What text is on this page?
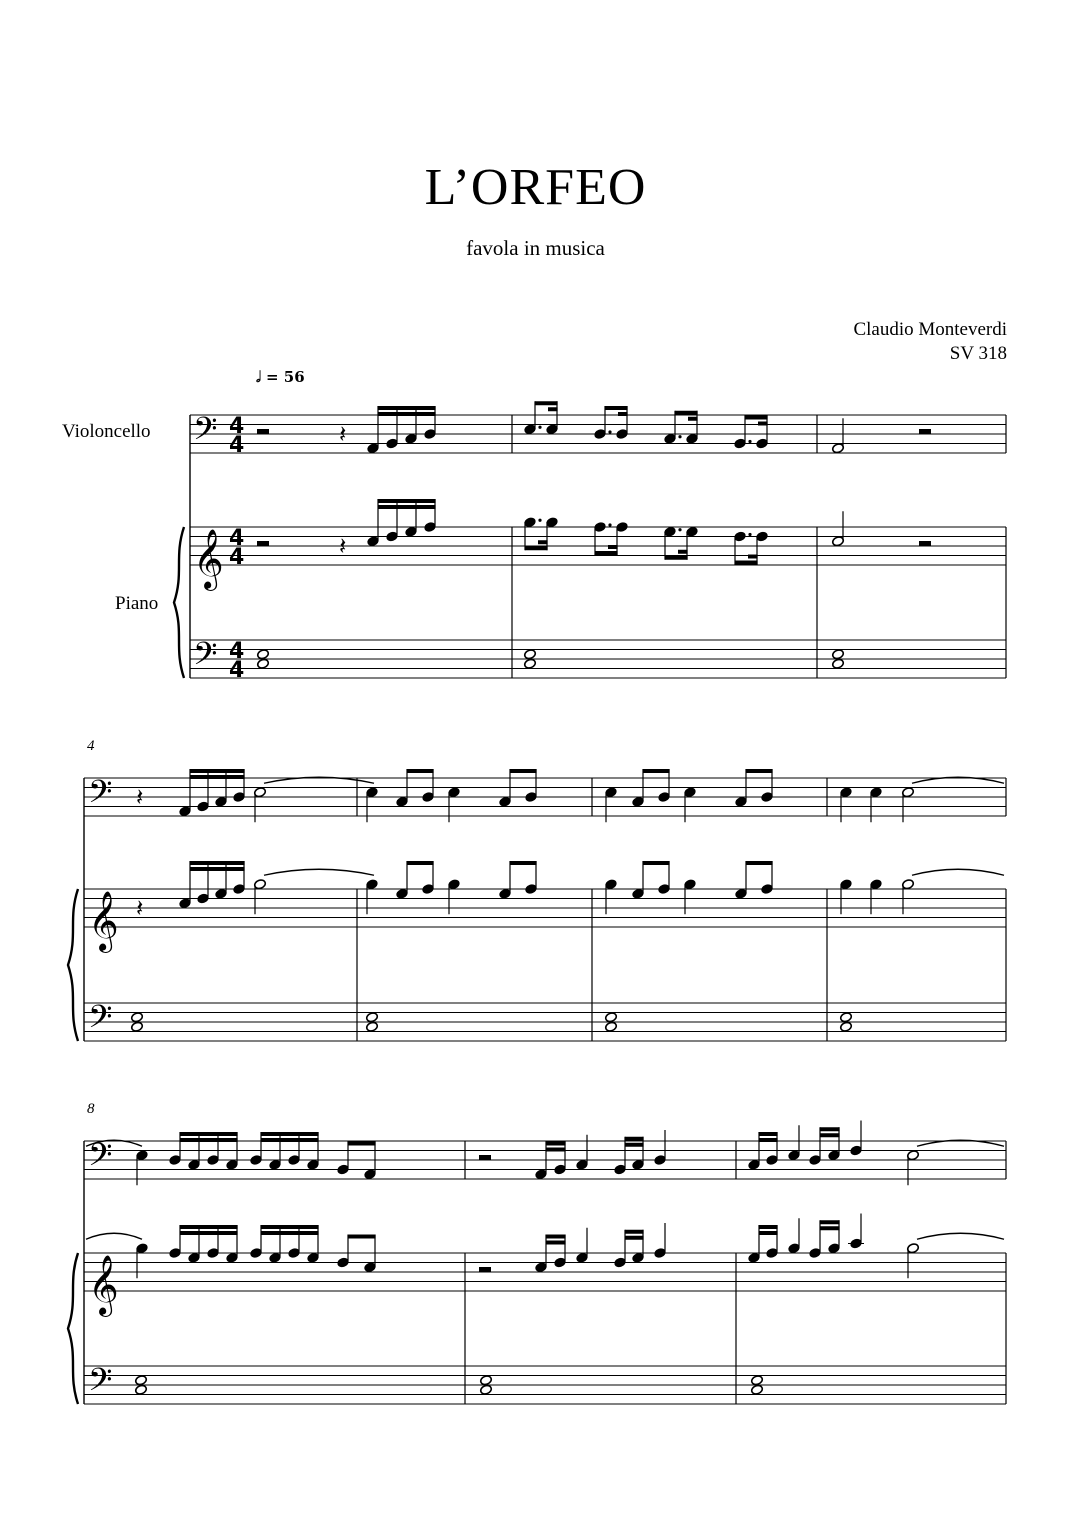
L’ORFEO
favola in musica
Claudio Monteverdi
SV 318
𝅗𝅥 = 56
Violoncello
Piano
4
8
𝄢 4
4
𝄞 4
4
𝄢 4
4
𝄽
𝄽
𝄢
𝄞
𝄢
𝄽
𝄽
𝄢
𝄞
𝄢
